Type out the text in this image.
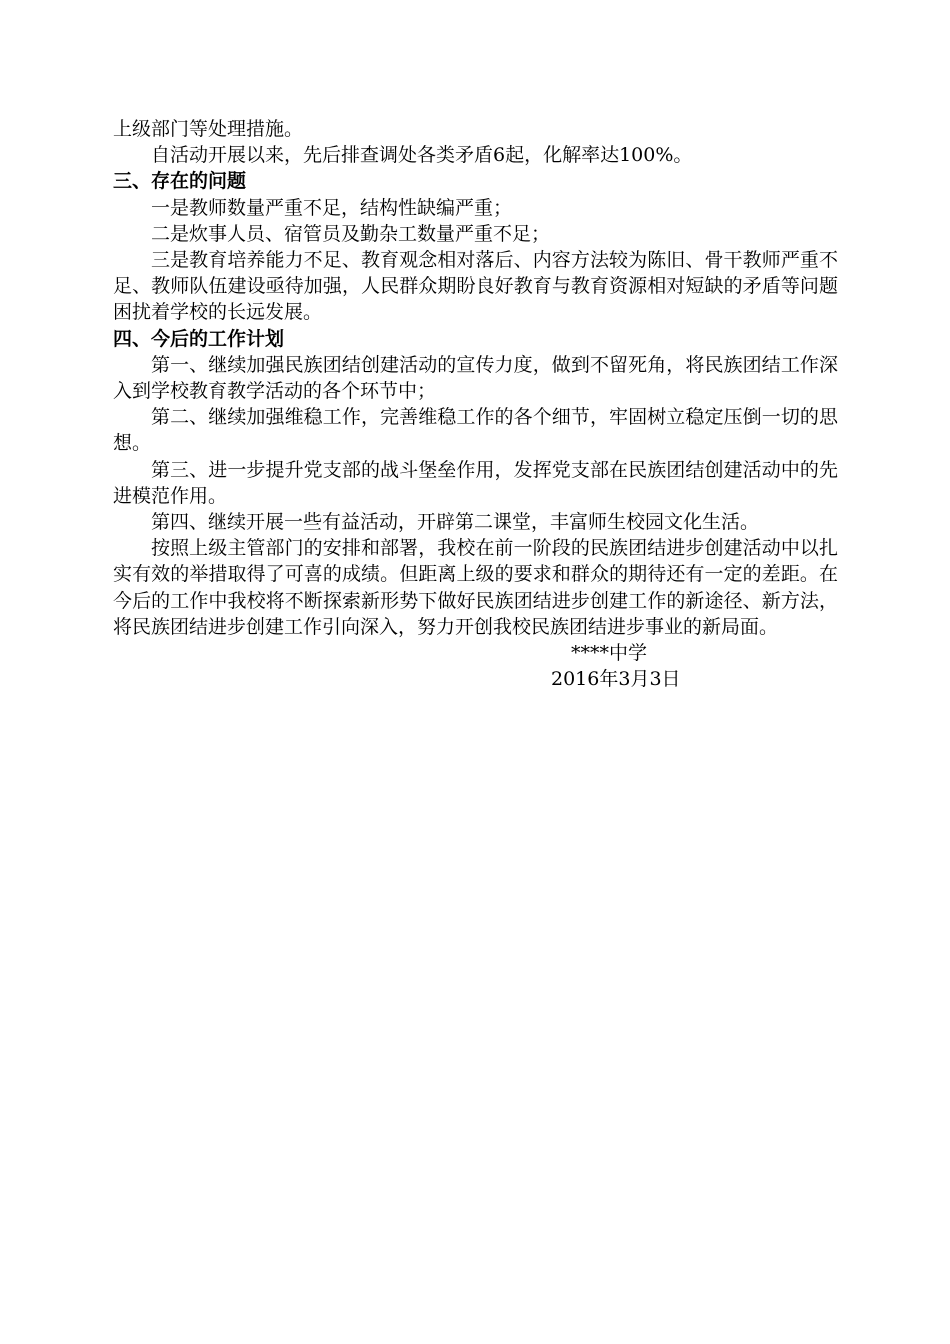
上级部门等处理措施。

自活动开展以来，先后排查调处各类矛盾6起，化解率达100%。

三、存在的问题

一是教师数量严重不足，结构性缺编严重；

二是炊事人员、宿管员及勤杂工数量严重不足；

三是教育培养能力不足、教育观念相对落后、内容方法较为陈旧、骨干教师严重不足、教师队伍建设亟待加强，人民群众期盼良好教育与教育资源相对短缺的矛盾等问题困扰着学校的长远发展。

四、今后的工作计划

第一、继续加强民族团结创建活动的宣传力度，做到不留死角，将民族团结工作深入到学校教育教学活动的各个环节中；

第二、继续加强维稳工作，完善维稳工作的各个细节，牢固树立稳定压倒一切的思想。

第三、进一步提升党支部的战斗堡垒作用，发挥党支部在民族团结创建活动中的先进模范作用。

第四、继续开展一些有益活动，开辟第二课堂，丰富师生校园文化生活。

按照上级主管部门的安排和部署，我校在前一阶段的民族团结进步创建活动中以扎实有效的举措取得了可喜的成绩。但距离上级的要求和群众的期待还有一定的差距。在今后的工作中我校将不断探索新形势下做好民族团结进步创建工作的新途径、新方法，将民族团结进步创建工作引向深入，努力开创我校民族团结进步事业的新局面。

****中学

2016年3月3日
